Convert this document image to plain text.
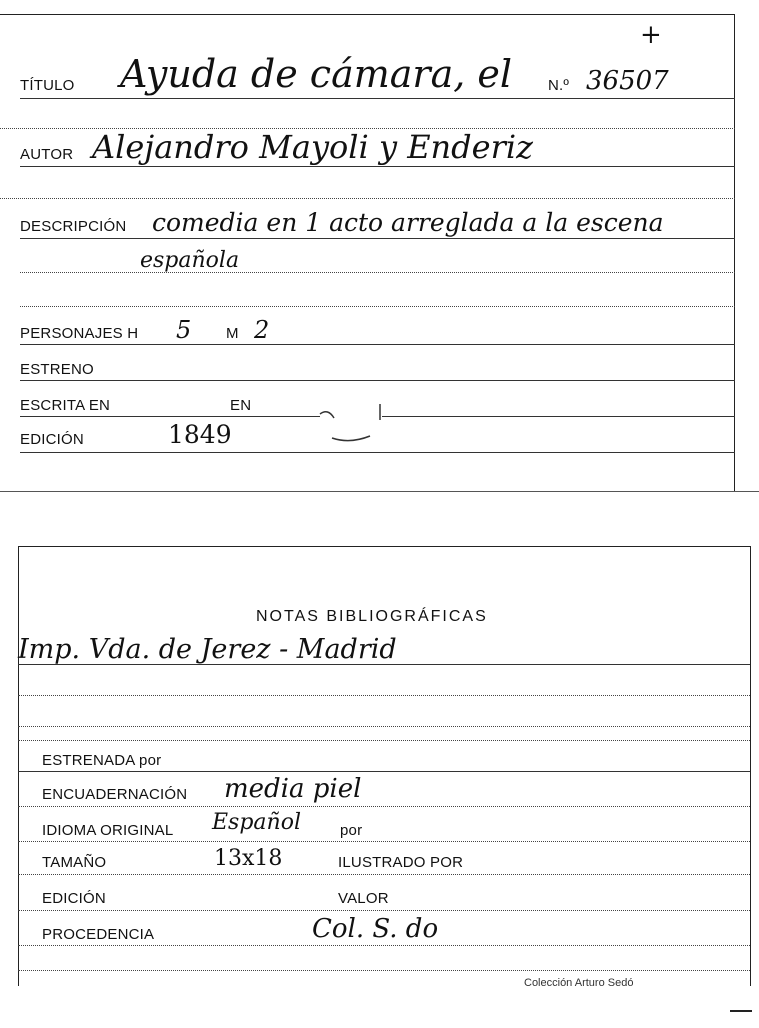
+
TÍTULO Ayuda de cámara, el N.º 36507
AUTOR Alejandro Mayoli y Enderiz
DESCRIPCIÓN comedia en 1 acto arreglada a la escena
española
PERSONAJES H 5 M 2
ESTRENO
ESCRITA EN	EN
EDICIÓN	1849
NOTAS BIBLIOGRÁFICAS
Imp. Vda. de Jerez - Madrid
ESTRENADA por
ENCUADERNACIÓN media piel
IDIOMA ORIGINAL Español	por
TAMAÑO	13x18	ILUSTRADO POR
EDICIÓN	VALOR
PROCEDENCIA	Col. S. do
Colección Arturo Sedó
